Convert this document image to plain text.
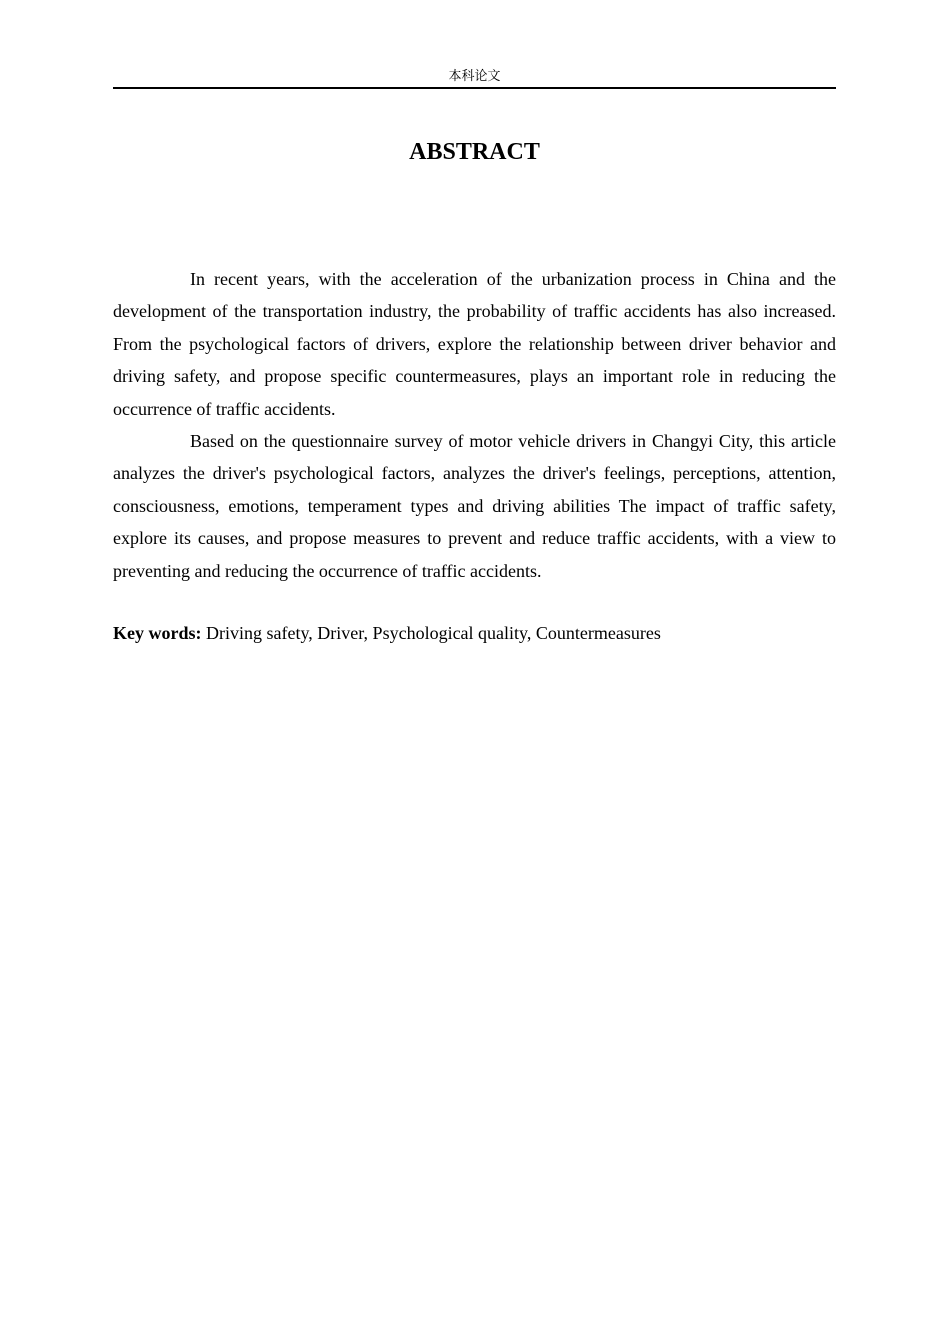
本科论文
ABSTRACT

In recent years, with the acceleration of the urbanization process in China and the development of the transportation industry, the probability of traffic accidents has also increased. From the psychological factors of drivers, explore the relationship between driver behavior and driving safety, and propose specific countermeasures, plays an important role in reducing the occurrence of traffic accidents.

Based on the questionnaire survey of motor vehicle drivers in Changyi City, this article analyzes the driver's psychological factors, analyzes the driver's feelings, perceptions, attention, consciousness, emotions, temperament types and driving abilities The impact of traffic safety, explore its causes, and propose measures to prevent and reduce traffic accidents, with a view to preventing and reducing the occurrence of traffic accidents.

Key words: Driving safety, Driver, Psychological quality, Countermeasures
